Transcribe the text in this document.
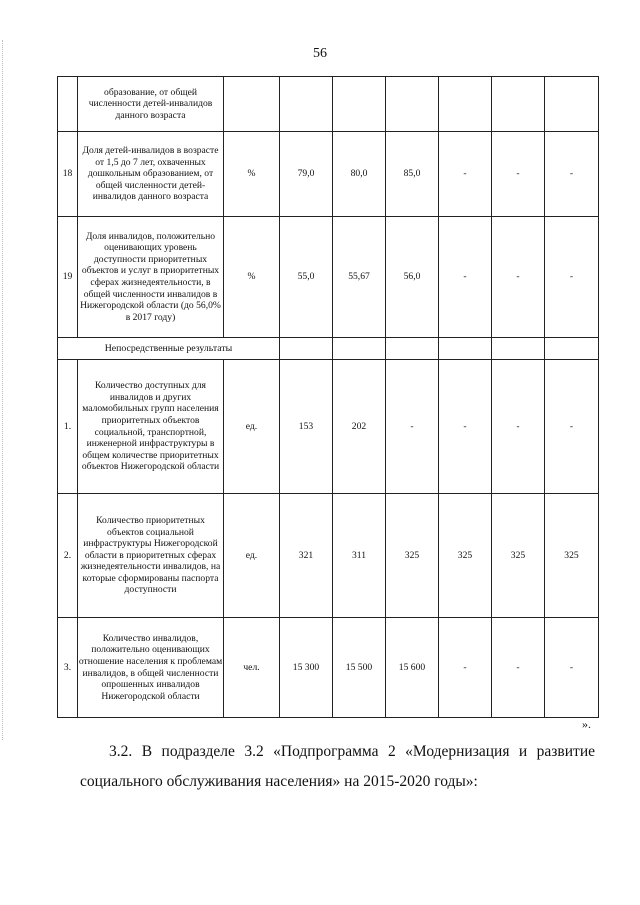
56
	образование, от общей численности детей-инвалидов данного возраста							
18	Доля детей-инвалидов в возрасте от 1,5 до 7 лет, охваченных дошкольным образованием, от общей численности детей-инвалидов данного возраста	%	79,0	80,0	85,0	-	-	-
19	Доля инвалидов, положительно оценивающих уровень доступности приоритетных объектов и услуг в приоритетных сферах жизнедеятельности, в общей численности инвалидов в Нижегородской области (до 56,0% в 2017 году)	%	55,0	55,67	56,0	-	-	-
Непосредственные результаты								
1.	Количество доступных для инвалидов и других маломобильных групп населения приоритетных объектов социальной, транспортной, инженерной инфраструктуры в общем количестве приоритетных объектов Нижегородской области	ед.	153	202	-	-	-	-
2.	Количество приоритетных объектов социальной инфраструктуры Нижегородской области в приоритетных сферах жизнедеятельности инвалидов, на которые сформированы паспорта доступности	ед.	321	311	325	325	325	325
3.	Количество инвалидов, положительно оценивающих отношение населения к проблемам инвалидов, в общей численности опрошенных инвалидов Нижегородской области	чел.	15 300	15 500	15 600	-	-	-
».
3.2. В подразделе 3.2 «Подпрограмма 2 «Модернизация и развитие социального обслуживания населения» на 2015-2020 годы»:
